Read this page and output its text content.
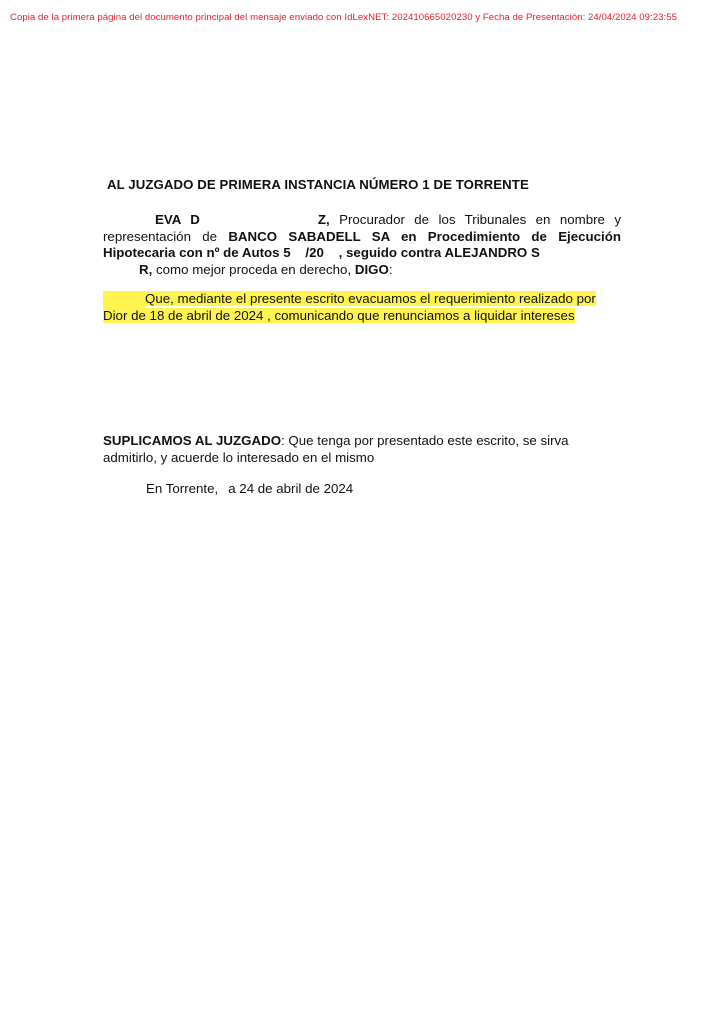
Copia de la primera página del documento principal del mensaje enviado con IdLexNET: 202410665020230 y Fecha de Presentación: 24/04/2024 09:23:55
AL JUZGADO DE PRIMERA INSTANCIA NÚMERO 1 DE TORRENTE
EVA D	Z, Procurador de los Tribunales en nombre y
representación de BANCO SABADELL SA en Procedimiento de Ejecución
Hipotecaria con nº de Autos 5    /20    , seguido contra ALEJANDRO S
R, como mejor proceda en derecho, DIGO:
Que, mediante el presente escrito evacuamos el requerimiento realizado por
Dior de 18 de abril de 2024 , comunicando que renunciamos a liquidar intereses
SUPLICAMOS AL JUZGADO: Que tenga por presentado este escrito, se sirva
admitirlo, y acuerde lo interesado en el mismo
En Torrente, a 24 de abril de 2024
